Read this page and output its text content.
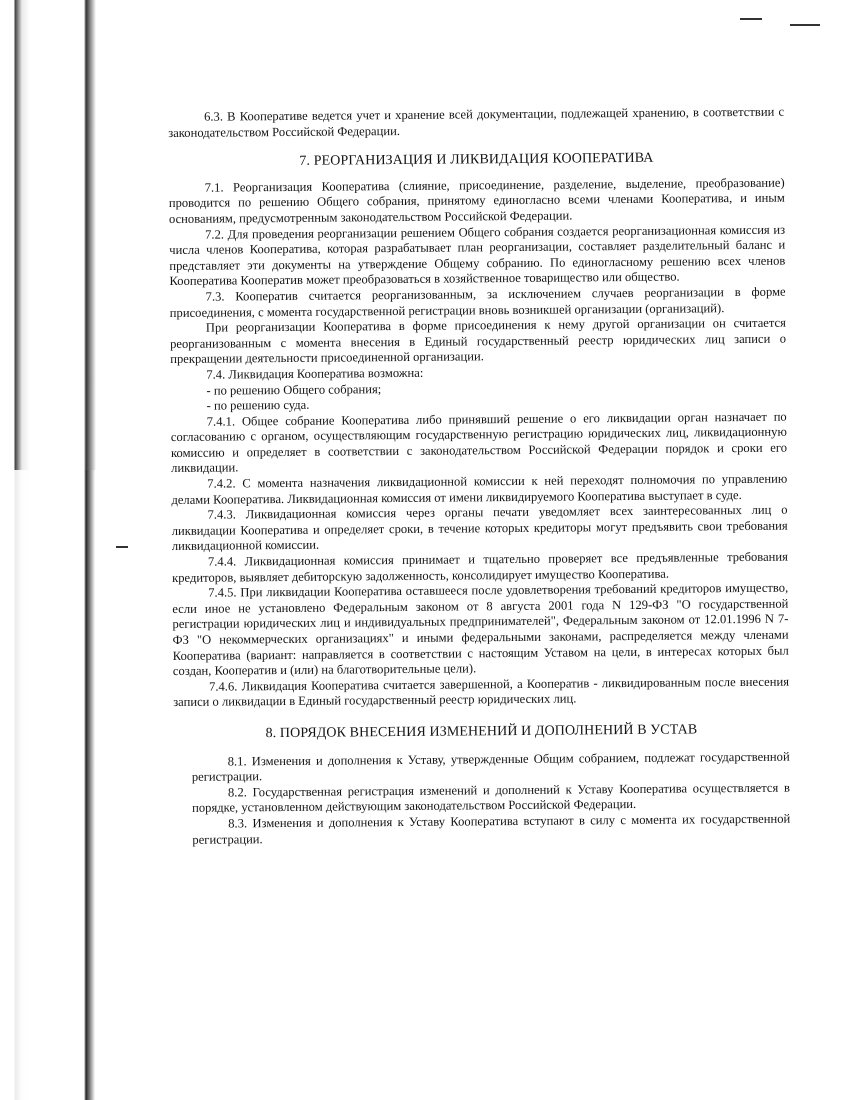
6.3. В Кооперативе ведется учет и хранение всей документации, подлежащей хранению, в соответствии с законодательством Российской Федерации.

7. РЕОРГАНИЗАЦИЯ И ЛИКВИДАЦИЯ КООПЕРАТИВА

7.1. Реорганизация Кооператива (слияние, присоединение, разделение, выделение, преобразование) проводится по решению Общего собрания, принятому единогласно всеми членами Кооператива, и иным основаниям, предусмотренным законодательством Российской Федерации.

7.2. Для проведения реорганизации решением Общего собрания создается реорганизационная комиссия из числа членов Кооператива, которая разрабатывает план реорганизации, составляет разделительный баланс и представляет эти документы на утверждение Общему собранию. По единогласному решению всех членов Кооператива Кооператив может преобразоваться в хозяйственное товарищество или общество.

7.3. Кооператив считается реорганизованным, за исключением случаев реорганизации в форме присоединения, с момента государственной регистрации вновь возникшей организации (организаций).

При реорганизации Кооператива в форме присоединения к нему другой организации он считается реорганизованным с момента внесения в Единый государственный реестр юридических лиц записи о прекращении деятельности присоединенной организации.

7.4. Ликвидация Кооператива возможна:

- по решению Общего собрания;

- по решению суда.

7.4.1. Общее собрание Кооператива либо принявший решение о его ликвидации орган назначает по согласованию с органом, осуществляющим государственную регистрацию юридических лиц, ликвидационную комиссию и определяет в соответствии с законодательством Российской Федерации порядок и сроки его ликвидации.

7.4.2. С момента назначения ликвидационной комиссии к ней переходят полномочия по управлению делами Кооператива. Ликвидационная комиссия от имени ликвидируемого Кооператива выступает в суде.

7.4.3. Ликвидационная комиссия через органы печати уведомляет всех заинтересованных лиц о ликвидации Кооператива и определяет сроки, в течение которых кредиторы могут предъявить свои требования ликвидационной комиссии.

7.4.4. Ликвидационная комиссия принимает и тщательно проверяет все предъявленные требования кредиторов, выявляет дебиторскую задолженность, консолидирует имущество Кооператива.

7.4.5. При ликвидации Кооператива оставшееся после удовлетворения требований кредиторов имущество, если иное не установлено Федеральным законом от 8 августа 2001 года N 129-ФЗ "О государственной регистрации юридических лиц и индивидуальных предпринимателей", Федеральным законом от 12.01.1996 N 7-ФЗ "О некоммерческих организациях" и иными федеральными законами, распределяется между членами Кооператива (вариант: направляется в соответствии с настоящим Уставом на цели, в интересах которых был создан, Кооператив и (или) на благотворительные цели).

7.4.6. Ликвидация Кооператива считается завершенной, а Кооператив - ликвидированным после внесения записи о ликвидации в Единый государственный реестр юридических лиц.

8. ПОРЯДОК ВНЕСЕНИЯ ИЗМЕНЕНИЙ И ДОПОЛНЕНИЙ В УСТАВ

8.1. Изменения и дополнения к Уставу, утвержденные Общим собранием, подлежат государственной регистрации.

8.2. Государственная регистрация изменений и дополнений к Уставу Кооператива осуществляется в порядке, установленном действующим законодательством Российской Федерации.

8.3. Изменения и дополнения к Уставу Кооператива вступают в силу с момента их государственной регистрации.
